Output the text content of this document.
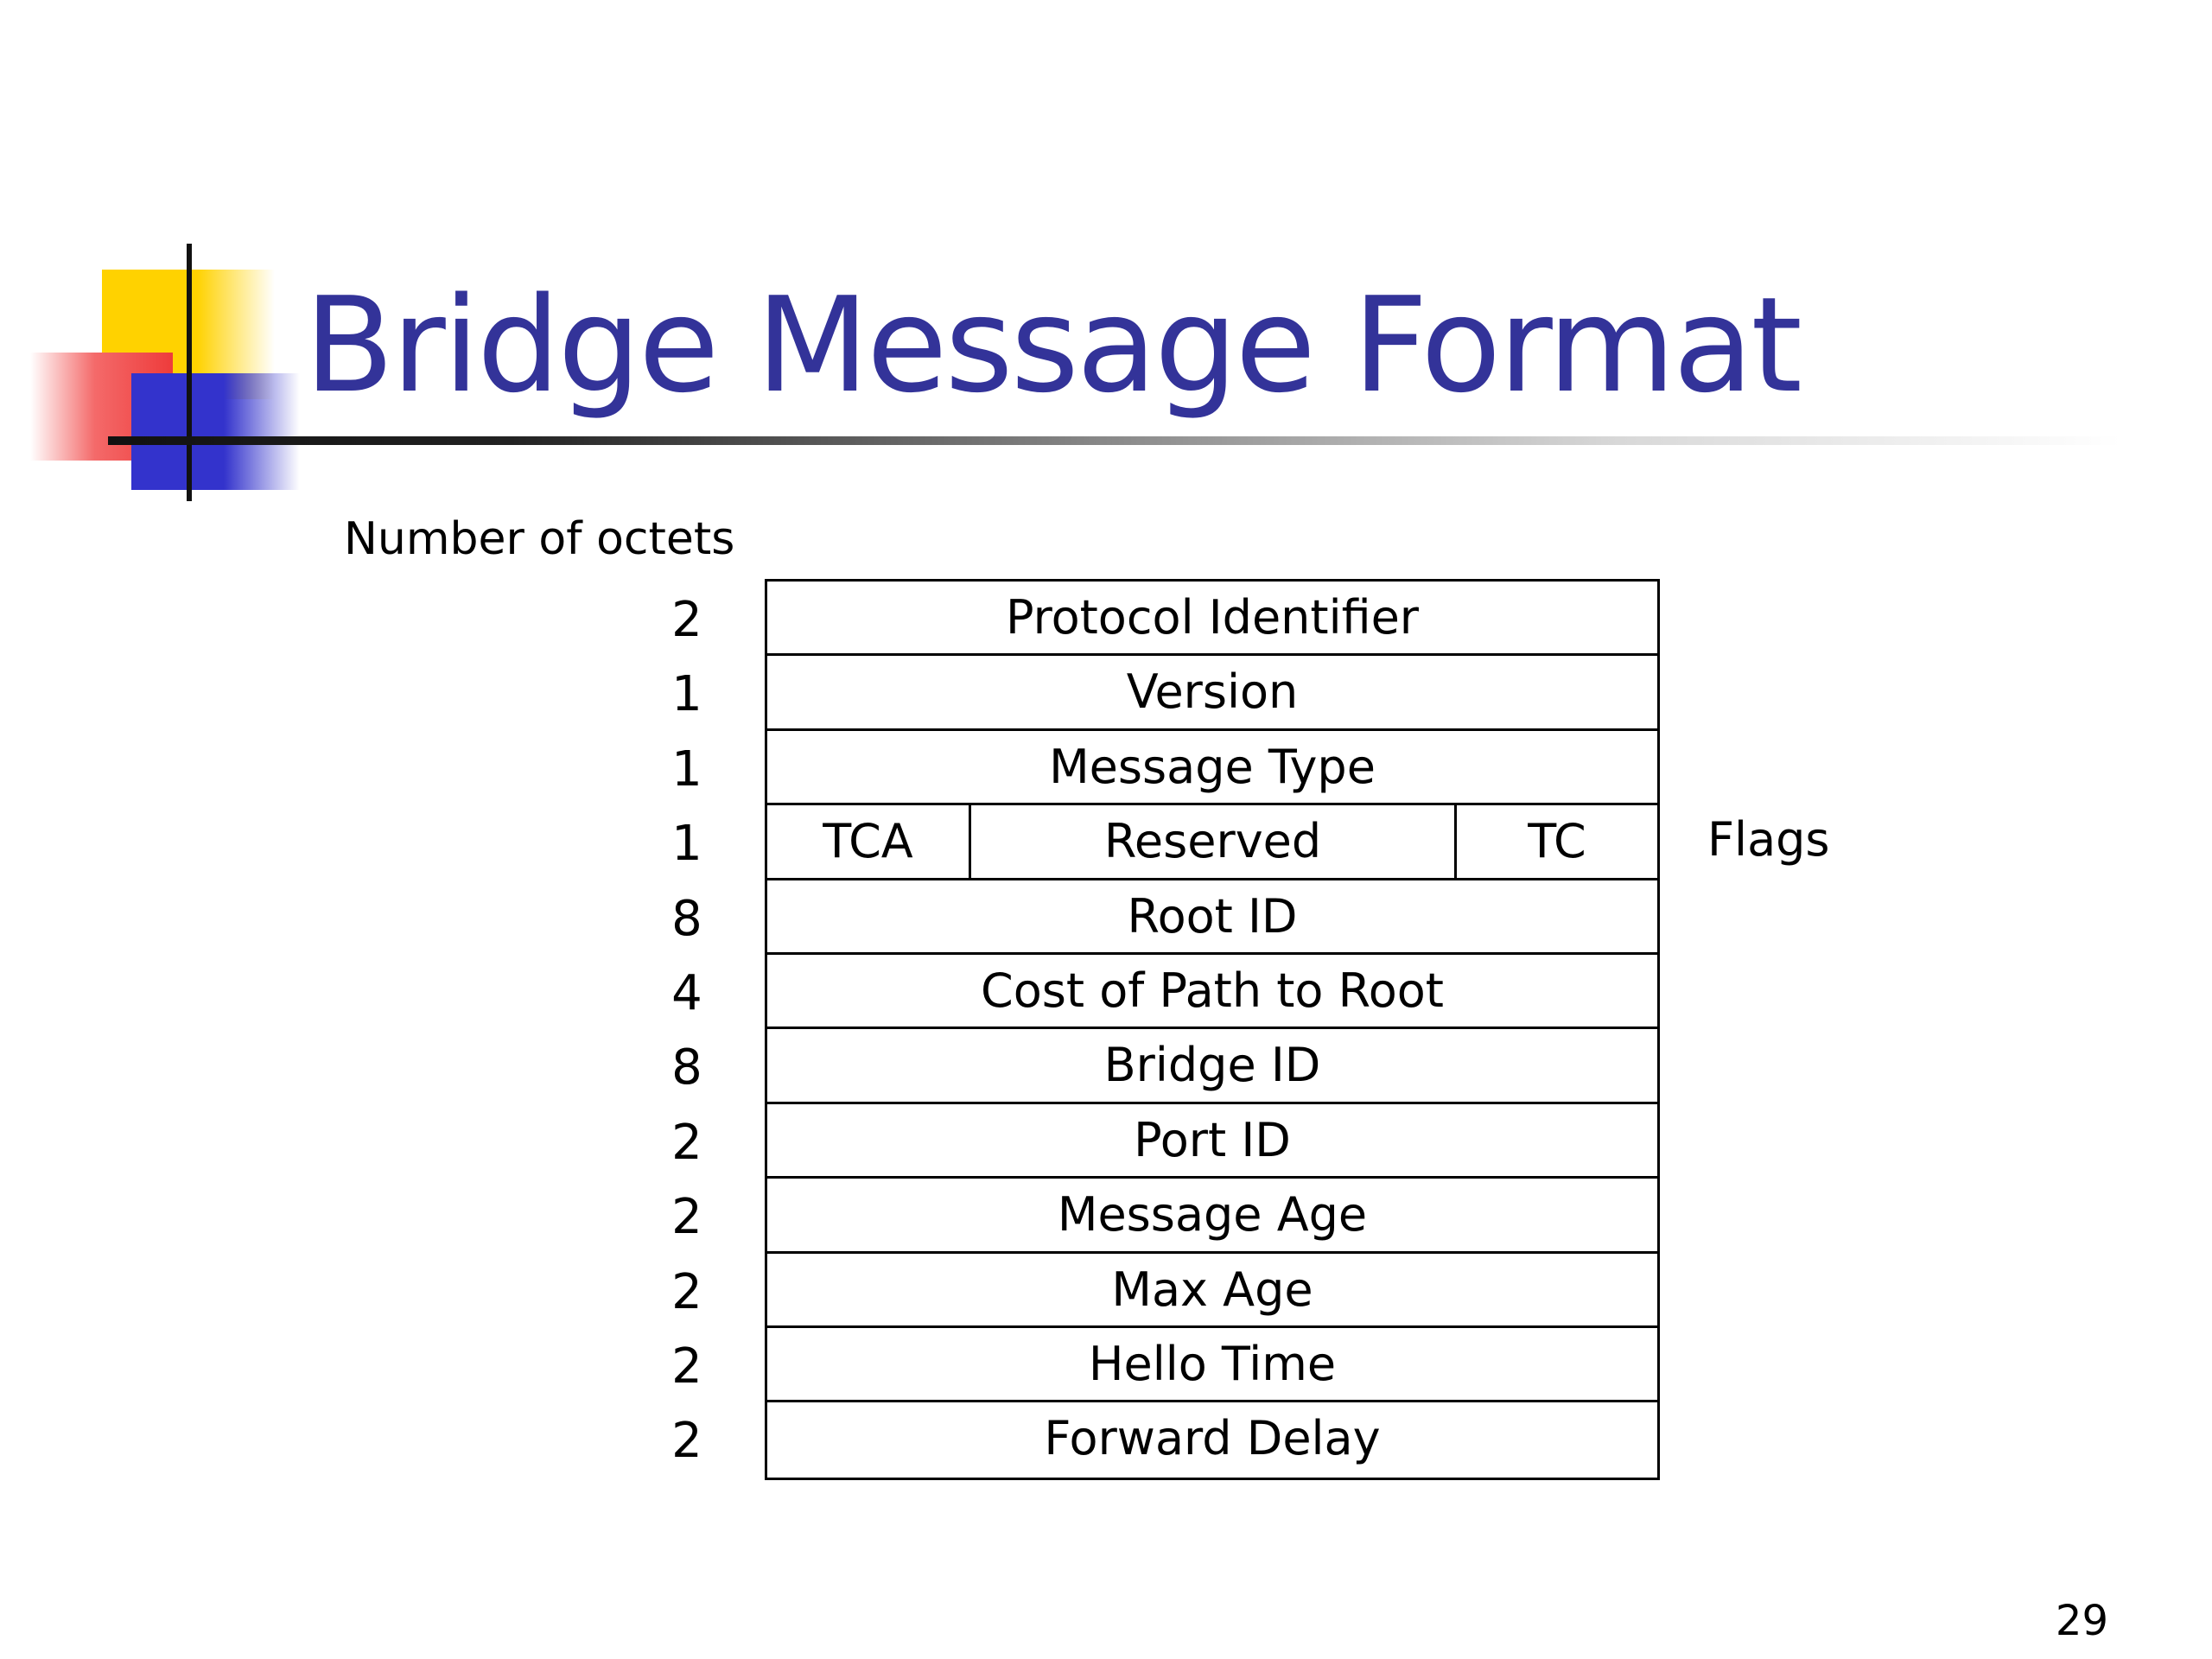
Bridge Message Format
Number of octets
2
1
1
1
8
4
8
2
2
2
2
2
Protocol Identifier
Version
Message Type
TCA	Reserved	TC
Root ID
Cost of Path to Root
Bridge ID
Port ID
Message Age
Max Age
Hello Time
Forward Delay
Flags
29
